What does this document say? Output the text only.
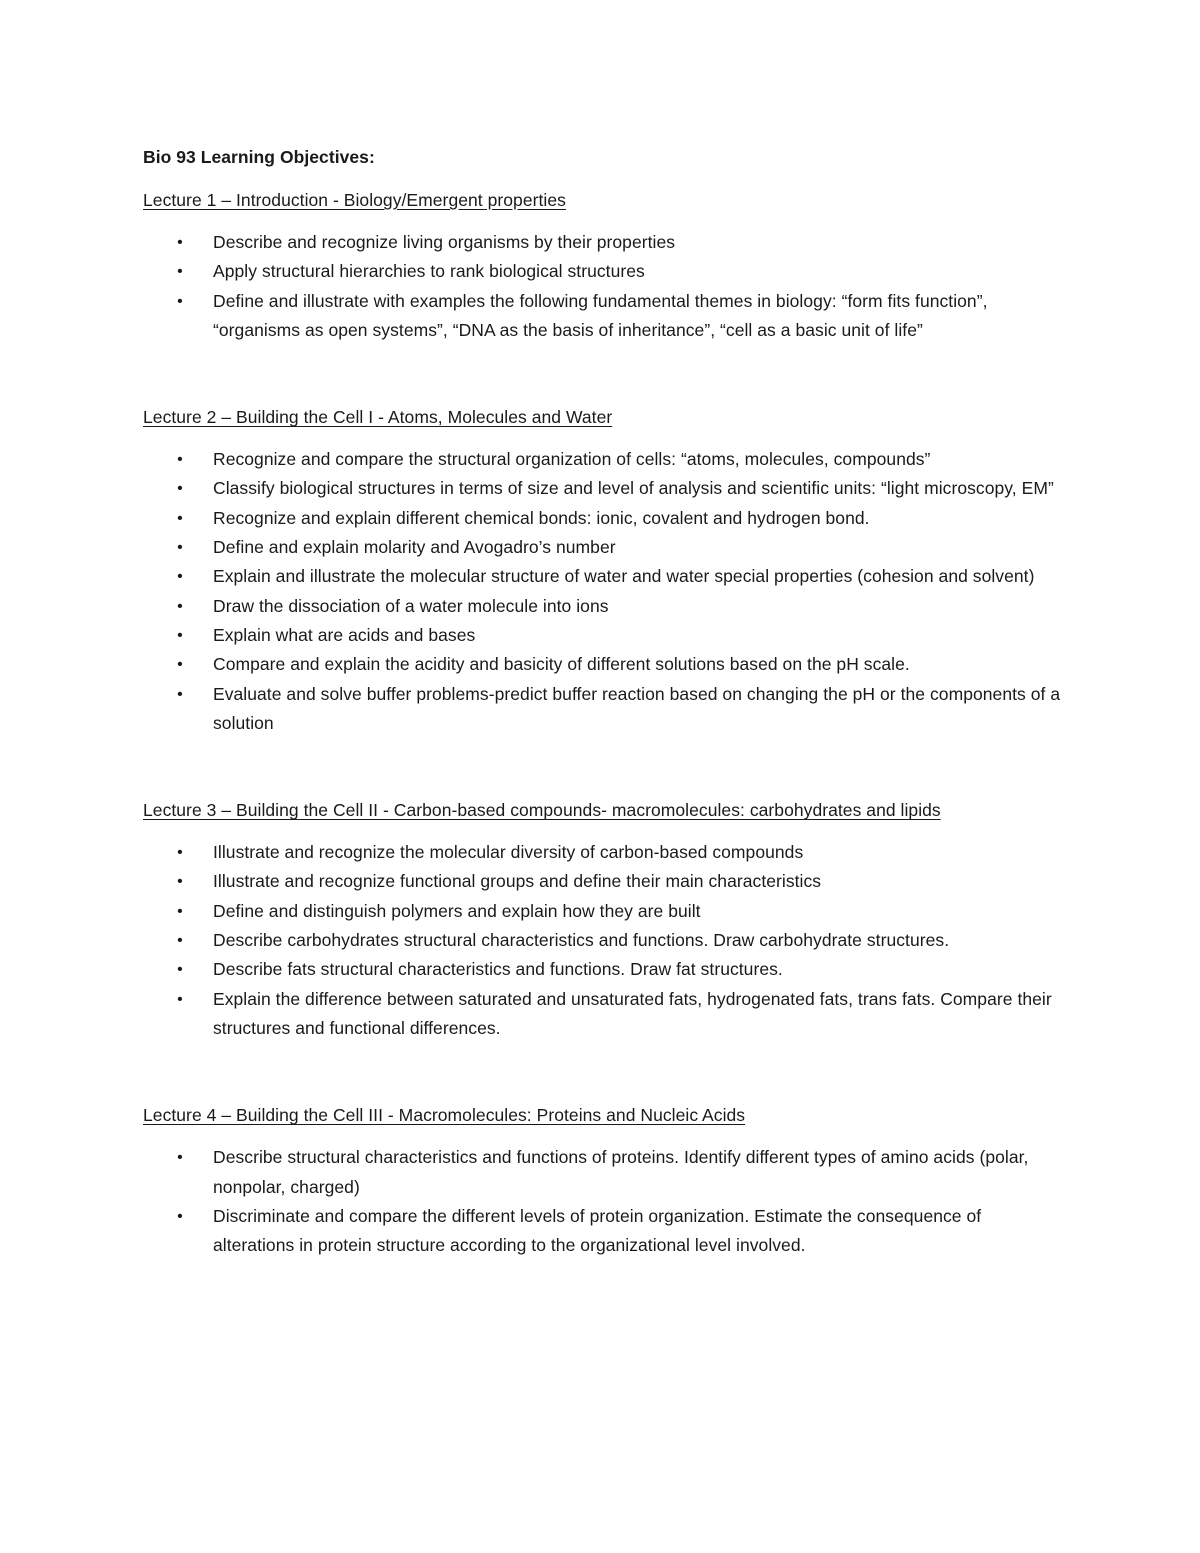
Bio 93 Learning Objectives:

Lecture 1 – Introduction - Biology/Emergent properties

• Describe and recognize living organisms by their properties
• Apply structural hierarchies to rank biological structures
• Define and illustrate with examples the following fundamental themes in biology: “form fits function”, “organisms as open systems”, “DNA as the basis of inheritance”, “cell as a basic unit of life”

Lecture 2 – Building the Cell I - Atoms, Molecules and Water

• Recognize and compare the structural organization of cells: “atoms, molecules, compounds”
• Classify biological structures in terms of size and level of analysis and scientific units: “light microscopy, EM”
• Recognize and explain different chemical bonds: ionic, covalent and hydrogen bond.
• Define and explain molarity and Avogadro’s number
• Explain and illustrate the molecular structure of water and water special properties (cohesion and solvent)
• Draw the dissociation of a water molecule into ions
• Explain what are acids and bases
• Compare and explain the acidity and basicity of different solutions based on the pH scale.
• Evaluate and solve buffer problems-predict buffer reaction based on changing the pH or the components of a solution

Lecture 3 – Building the Cell II - Carbon-based compounds- macromolecules: carbohydrates and lipids

• Illustrate and recognize the molecular diversity of carbon-based compounds
• Illustrate and recognize functional groups and define their main characteristics
• Define and distinguish polymers and explain how they are built
• Describe carbohydrates structural characteristics and functions. Draw carbohydrate structures.
• Describe fats structural characteristics and functions. Draw fat structures.
• Explain the difference between saturated and unsaturated fats, hydrogenated fats, trans fats. Compare their structures and functional differences.

Lecture 4 – Building the Cell III - Macromolecules: Proteins and Nucleic Acids

• Describe structural characteristics and functions of proteins. Identify different types of amino acids (polar, nonpolar, charged)
• Discriminate and compare the different levels of protein organization. Estimate the consequence of alterations in protein structure according to the organizational level involved.
